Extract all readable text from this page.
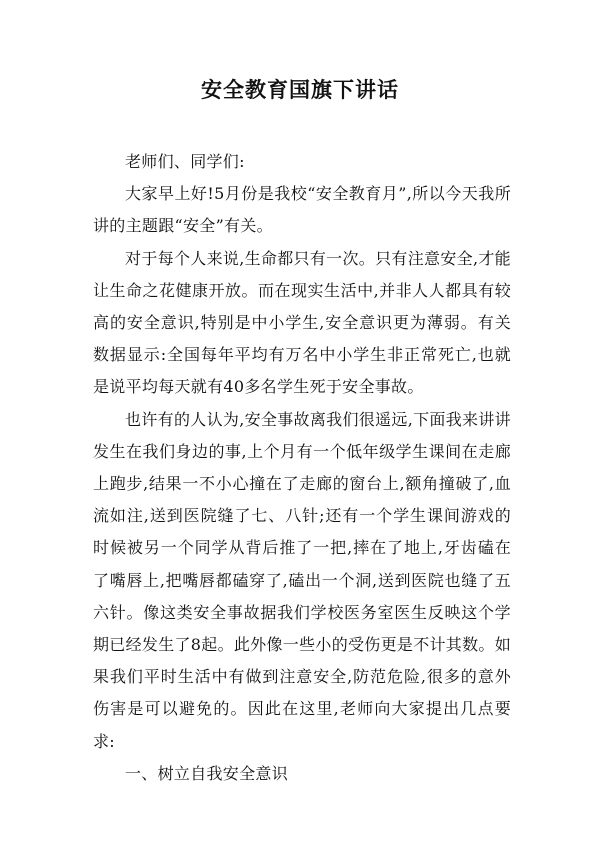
安全教育国旗下讲话

老师们、同学们:

大家早上好!5月份是我校“安全教育月”,所以今天我所讲的主题跟“安全”有关。

对于每个人来说,生命都只有一次。只有注意安全,才能让生命之花健康开放。而在现实生活中,并非人人都具有较高的安全意识,特别是中小学生,安全意识更为薄弱。有关数据显示:全国每年平均有万名中小学生非正常死亡,也就是说平均每天就有40多名学生死于安全事故。

也许有的人认为,安全事故离我们很遥远,下面我来讲讲发生在我们身边的事,上个月有一个低年级学生课间在走廊上跑步,结果一不小心撞在了走廊的窗台上,额角撞破了,血流如注,送到医院缝了七、八针;还有一个学生课间游戏的时候被另一个同学从背后推了一把,摔在了地上,牙齿磕在了嘴唇上,把嘴唇都磕穿了,磕出一个洞,送到医院也缝了五六针。像这类安全事故据我们学校医务室医生反映这个学期已经发生了8起。此外像一些小的受伤更是不计其数。如果我们平时生活中有做到注意安全,防范危险,很多的意外伤害是可以避免的。因此在这里,老师向大家提出几点要求:

一、树立自我安全意识
